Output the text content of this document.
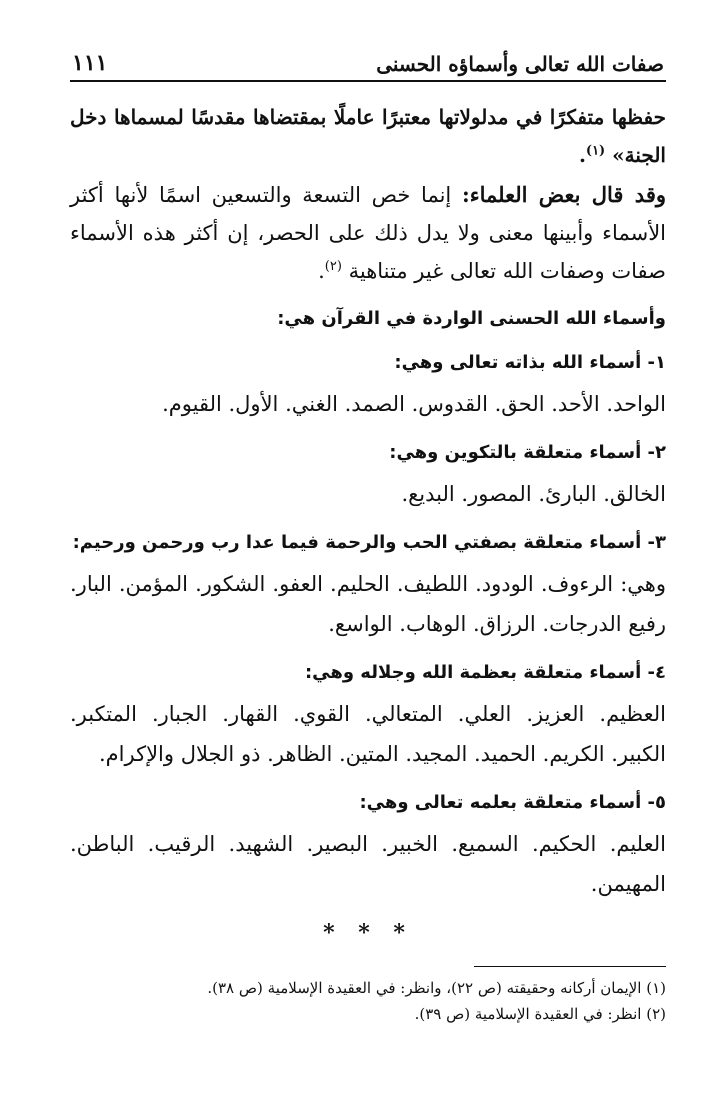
صفات الله تعالى وأسماؤه الحسنى
١١١

حفظها متفكرًا في مدلولاتها معتبرًا عاملًا بمقتضاها مقدسًا لمسماها دخل الجنة» $^{(١)}$.

وقد قال بعض العلماء: إنما خص التسعة والتسعين اسمًا لأنها أكثر الأسماء وأبينها معنى ولا يدل ذلك على الحصر، إن أكثر هذه الأسماء صفات وصفات الله تعالى غير متناهية $^{(٢)}$.

وأسماء الله الحسنى الواردة في القرآن هي:
١- أسماء الله بذاته تعالى وهي:

الواحد. الأحد. الحق. القدوس. الصمد. الغني. الأول. القيوم.

٢- أسماء متعلقة بالتكوين وهي:

الخالق. البارئ. المصور. البديع.

٣- أسماء متعلقة بصفتي الحب والرحمة فيما عدا رب ورحمن ورحيم:

وهي: الرءوف. الودود. اللطيف. الحليم. العفو. الشكور. المؤمن. البار. رفيع الدرجات. الرزاق. الوهاب. الواسع.

٤- أسماء متعلقة بعظمة الله وجلاله وهي:

العظيم. العزيز. العلي. المتعالي. القوي. القهار. الجبار. المتكبر. الكبير. الكريم. الحميد. المجيد. المتين. الظاهر. ذو الجلال والإكرام.

٥- أسماء متعلقة بعلمه تعالى وهي:

العليم. الحكيم. السميع. الخبير. البصير. الشهيد. الرقيب. الباطن. المهيمن.

* * *

(١) الإيمان أركانه وحقيقته (ص ٢٢)، وانظر: في العقيدة الإسلامية (ص ٣٨).

(٢) انظر: في العقيدة الإسلامية (ص ٣٩).
